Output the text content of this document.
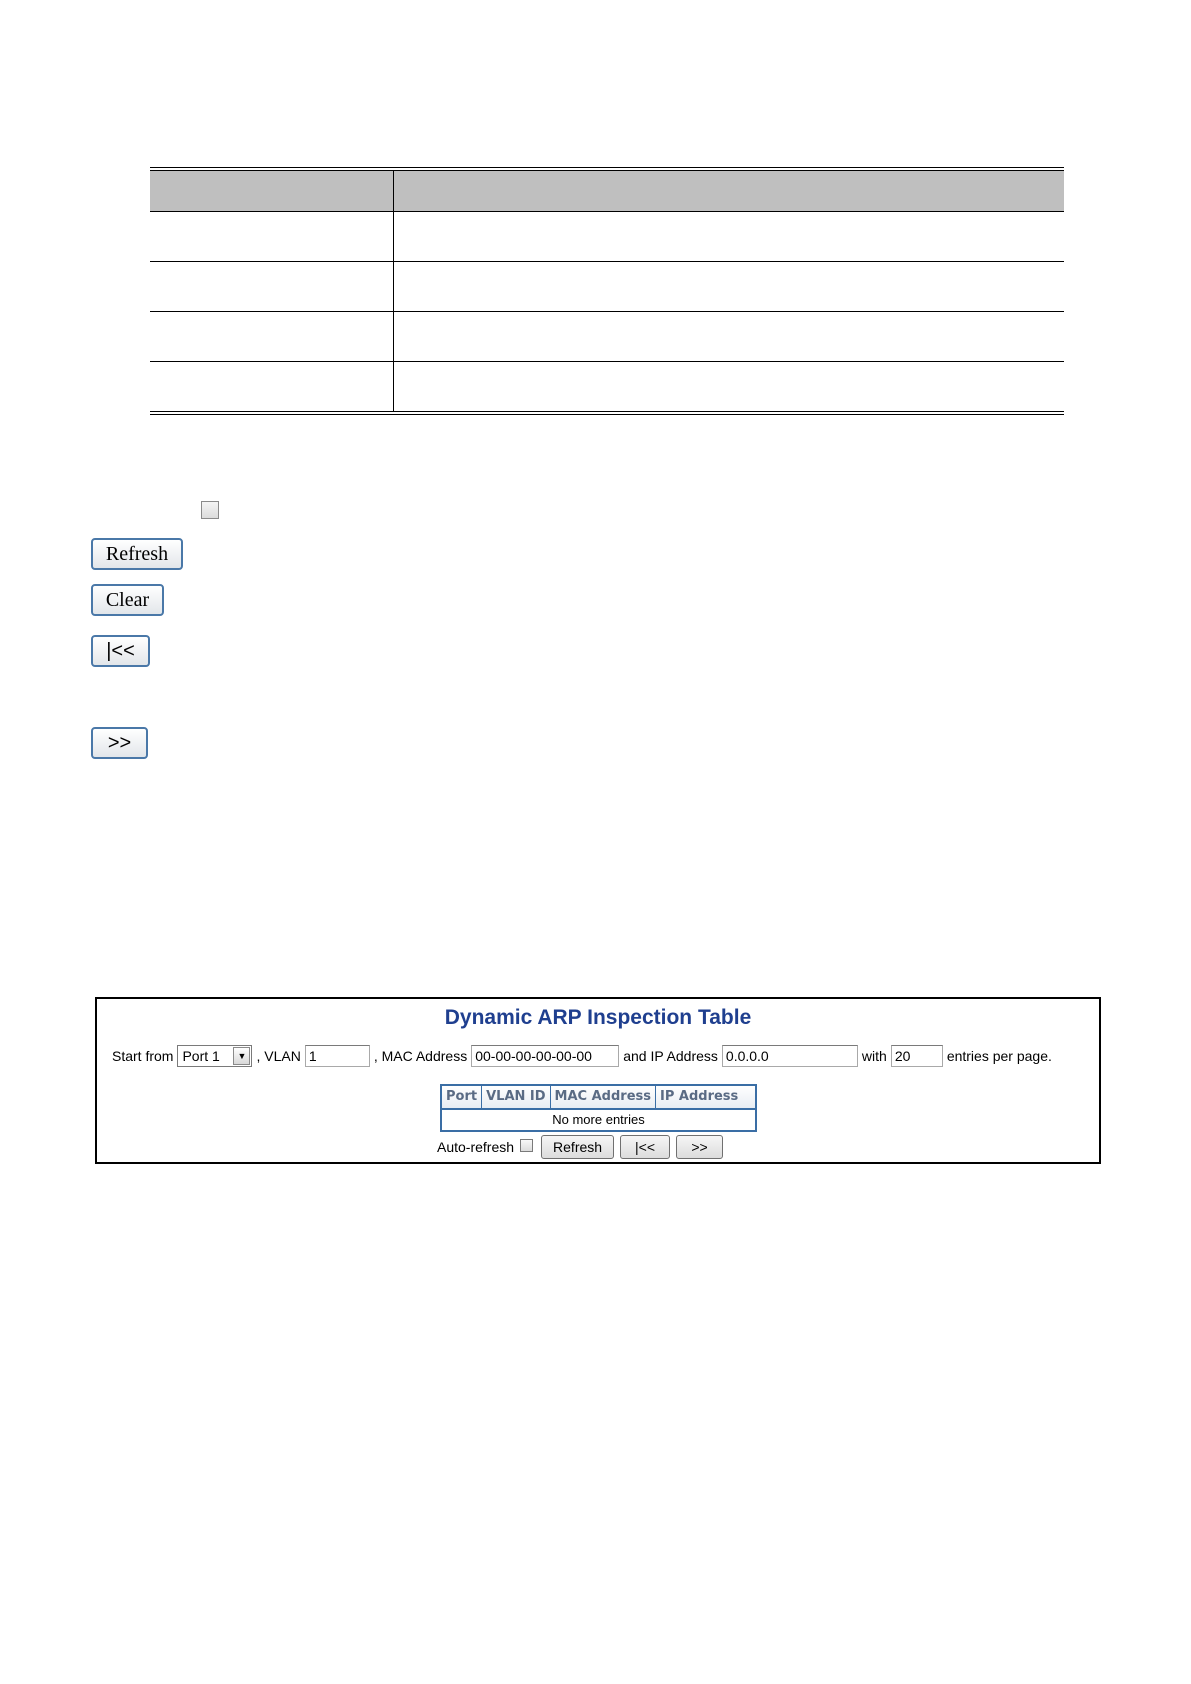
Refresh
Clear
|<<
>>
Dynamic ARP Inspection Table
Start from Port 1	▼ , VLAN 1	, MAC Address 00-00-00-00-00-00	and IP Address 0.0.0.0	with 20	entries per page.
Port VLAN ID MAC Address IP Address
No more entries
Auto-refresh	Refresh	|<<	>>
